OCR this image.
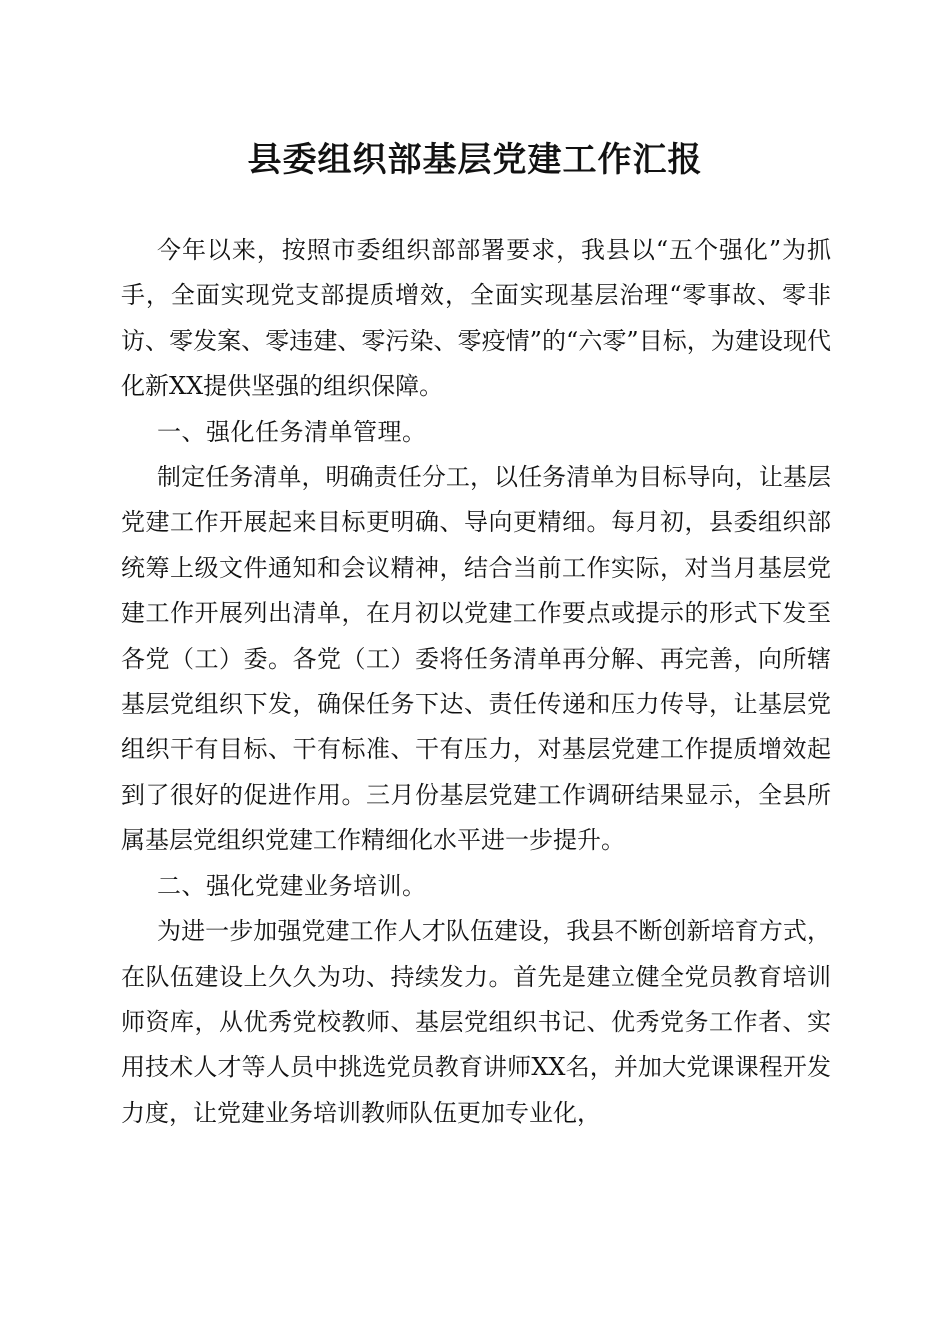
县委组织部基层党建工作汇报

今年以来，按照市委组织部部署要求，我县以“五个强化”为抓手，全面实现党支部提质增效，全面实现基层治理“零事故、零非访、零发案、零违建、零污染、零疫情”的“六零”目标，为建设现代化新XX提供坚强的组织保障。

一、强化任务清单管理。

制定任务清单，明确责任分工，以任务清单为目标导向，让基层党建工作开展起来目标更明确、导向更精细。每月初，县委组织部统筹上级文件通知和会议精神，结合当前工作实际，对当月基层党建工作开展列出清单，在月初以党建工作要点或提示的形式下发至各党（工）委。各党（工）委将任务清单再分解、再完善，向所辖基层党组织下发，确保任务下达、责任传递和压力传导，让基层党组织干有目标、干有标准、干有压力，对基层党建工作提质增效起到了很好的促进作用。三月份基层党建工作调研结果显示，全县所属基层党组织党建工作精细化水平进一步提升。

二、强化党建业务培训。

为进一步加强党建工作人才队伍建设，我县不断创新培育方式，在队伍建设上久久为功、持续发力。首先是建立健全党员教育培训师资库，从优秀党校教师、基层党组织书记、优秀党务工作者、实用技术人才等人员中挑选党员教育讲师XX名，并加大党课课程开发力度，让党建业务培训教师队伍更加专业化，
